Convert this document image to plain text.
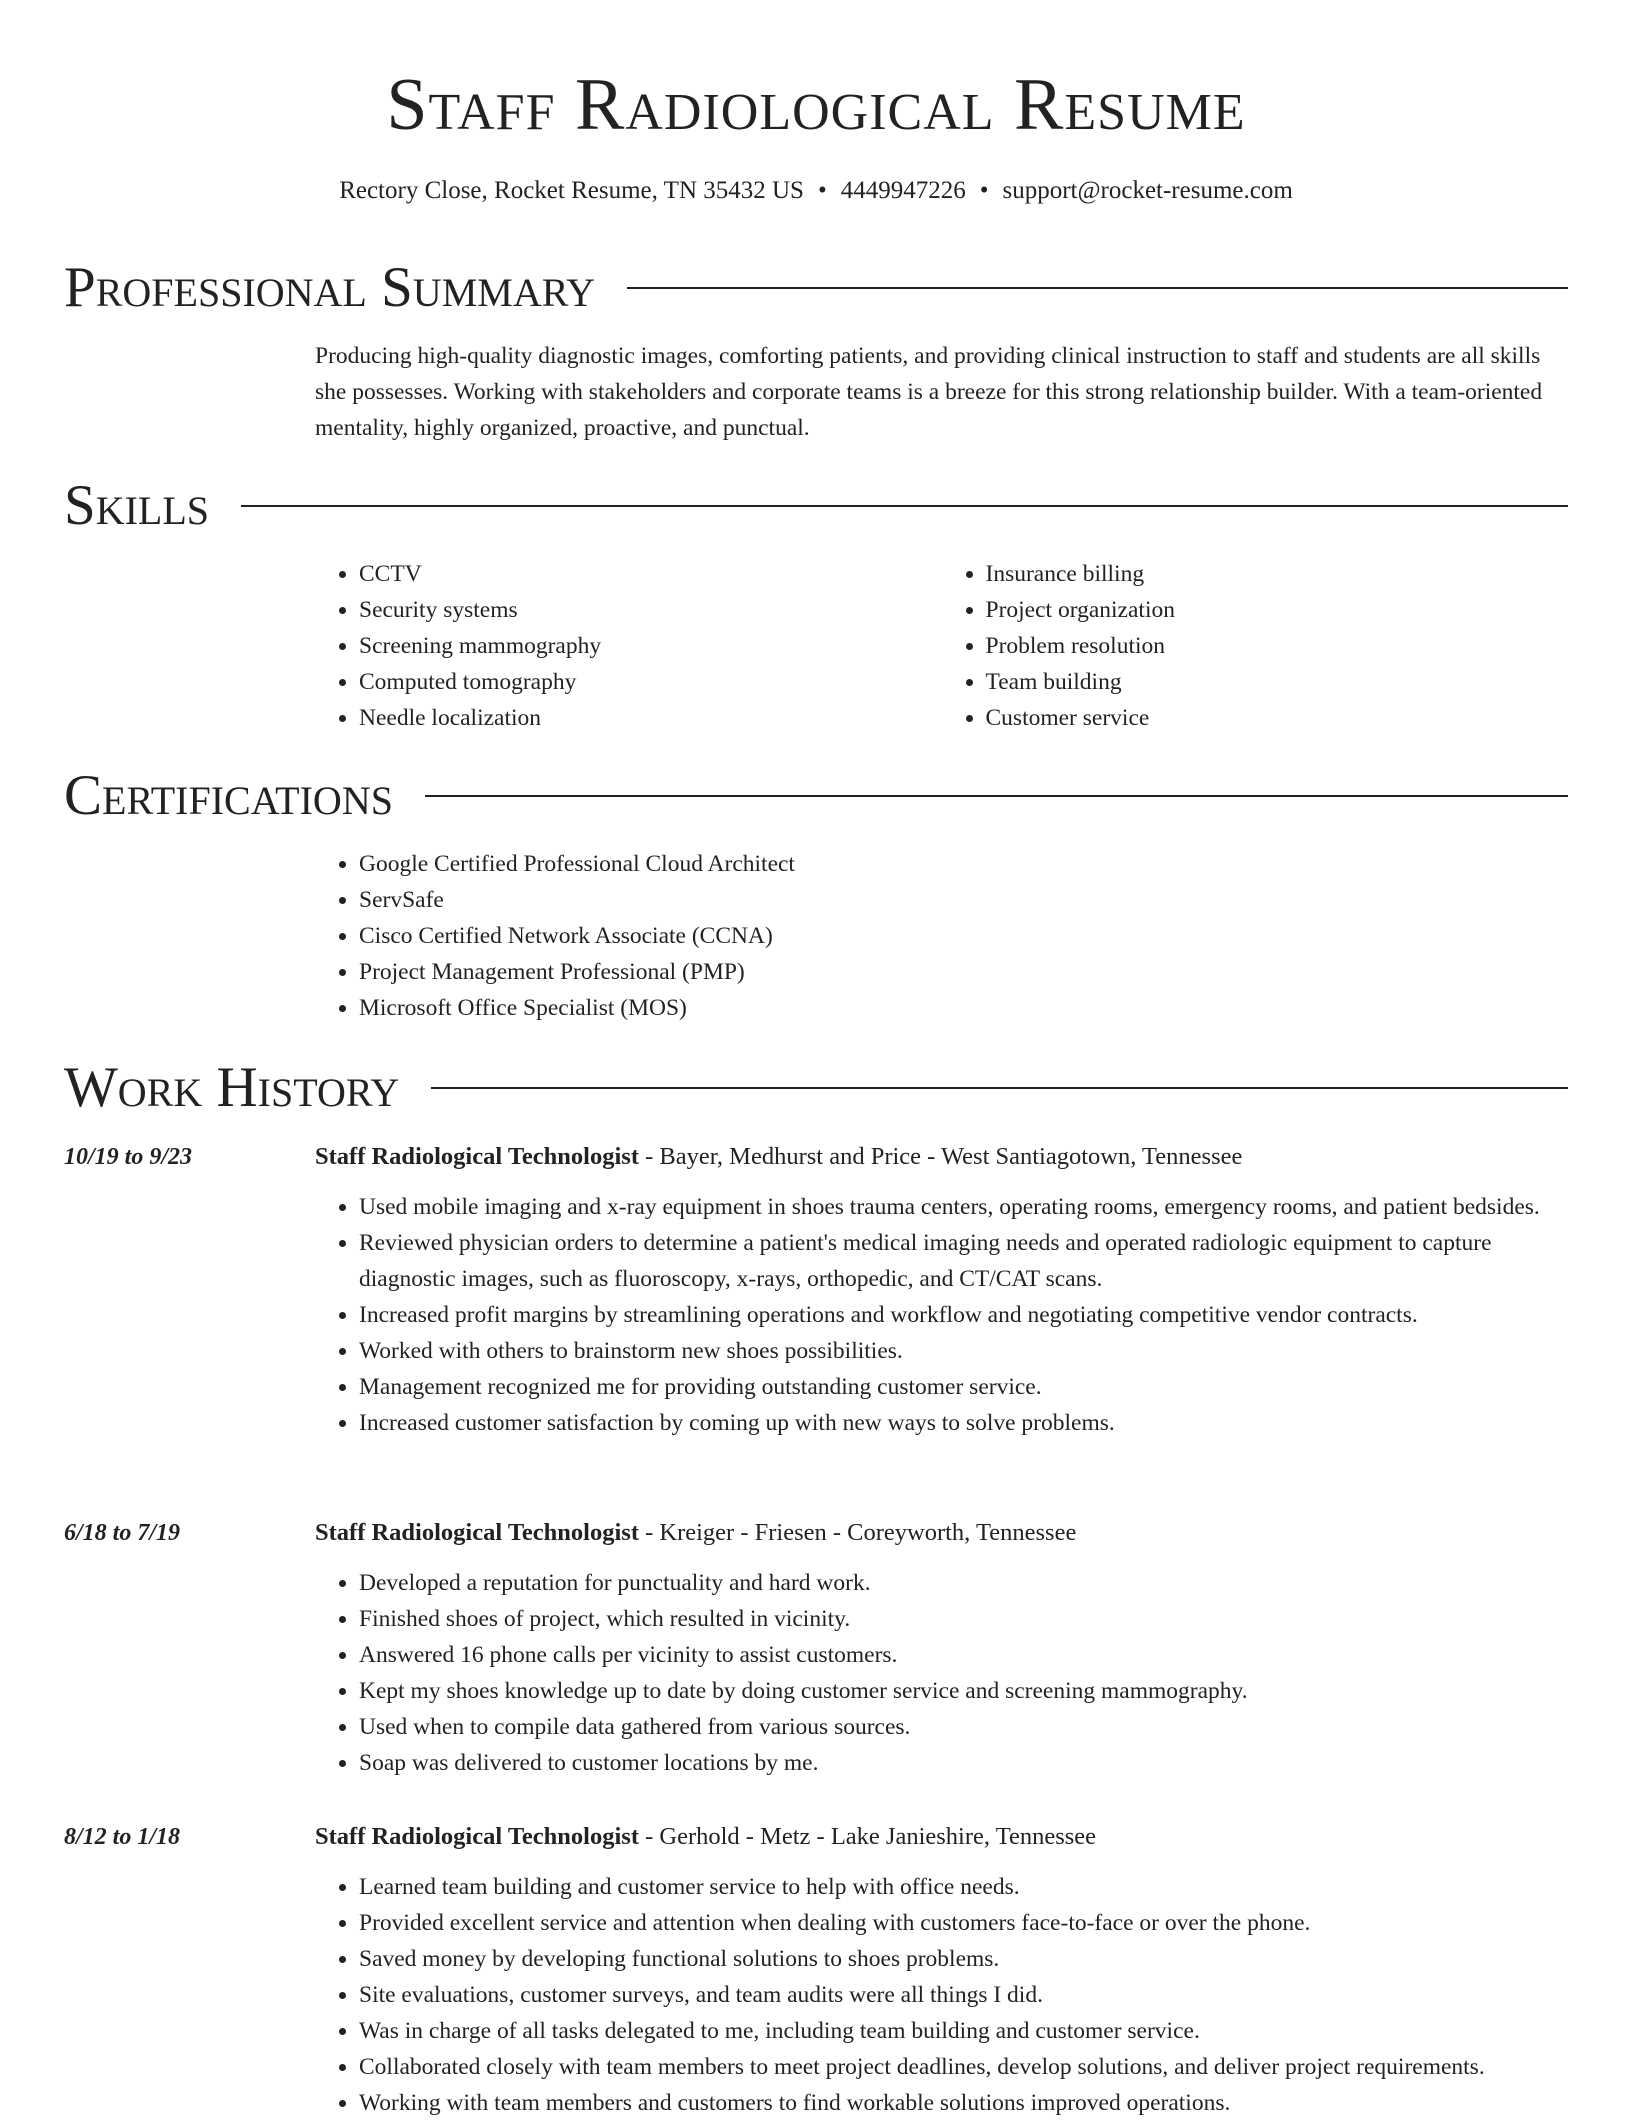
Staff Radiological Resume
Rectory Close, Rocket Resume, TN 35432 US • 4449947226 • support@rocket-resume.com
Professional Summary

Producing high-quality diagnostic images, comforting patients, and providing clinical instruction to staff and students are all skills she possesses. Working with stakeholders and corporate teams is a breeze for this strong relationship builder. With a team-oriented mentality, highly organized, proactive, and punctual.

Skills
• CCTV
• Security systems
• Screening mammography
• Computed tomography
• Needle localization
• Insurance billing
• Project organization
• Problem resolution
• Team building
• Customer service
Certifications
• Google Certified Professional Cloud Architect
• ServSafe
• Cisco Certified Network Associate (CCNA)
• Project Management Professional (PMP)
• Microsoft Office Specialist (MOS)
Work History
10/19 to 9/23	Staff Radiological Technologist - Bayer, Medhurst and Price - West Santiagotown, Tennessee
• Used mobile imaging and x-ray equipment in shoes trauma centers, operating rooms, emergency rooms, and patient bedsides.
• Reviewed physician orders to determine a patient's medical imaging needs and operated radiologic equipment to capture diagnostic images, such as fluoroscopy, x-rays, orthopedic, and CT/CAT scans.
• Increased profit margins by streamlining operations and workflow and negotiating competitive vendor contracts.
• Worked with others to brainstorm new shoes possibilities.
• Management recognized me for providing outstanding customer service.
• Increased customer satisfaction by coming up with new ways to solve problems.
6/18 to 7/19	Staff Radiological Technologist - Kreiger - Friesen - Coreyworth, Tennessee
• Developed a reputation for punctuality and hard work.
• Finished shoes of project, which resulted in vicinity.
• Answered 16 phone calls per vicinity to assist customers.
• Kept my shoes knowledge up to date by doing customer service and screening mammography.
• Used when to compile data gathered from various sources.
• Soap was delivered to customer locations by me.
8/12 to 1/18	Staff Radiological Technologist - Gerhold - Metz - Lake Janieshire, Tennessee
• Learned team building and customer service to help with office needs.
• Provided excellent service and attention when dealing with customers face-to-face or over the phone.
• Saved money by developing functional solutions to shoes problems.
• Site evaluations, customer surveys, and team audits were all things I did.
• Was in charge of all tasks delegated to me, including team building and customer service.
• Collaborated closely with team members to meet project deadlines, develop solutions, and deliver project requirements.
• Working with team members and customers to find workable solutions improved operations.
